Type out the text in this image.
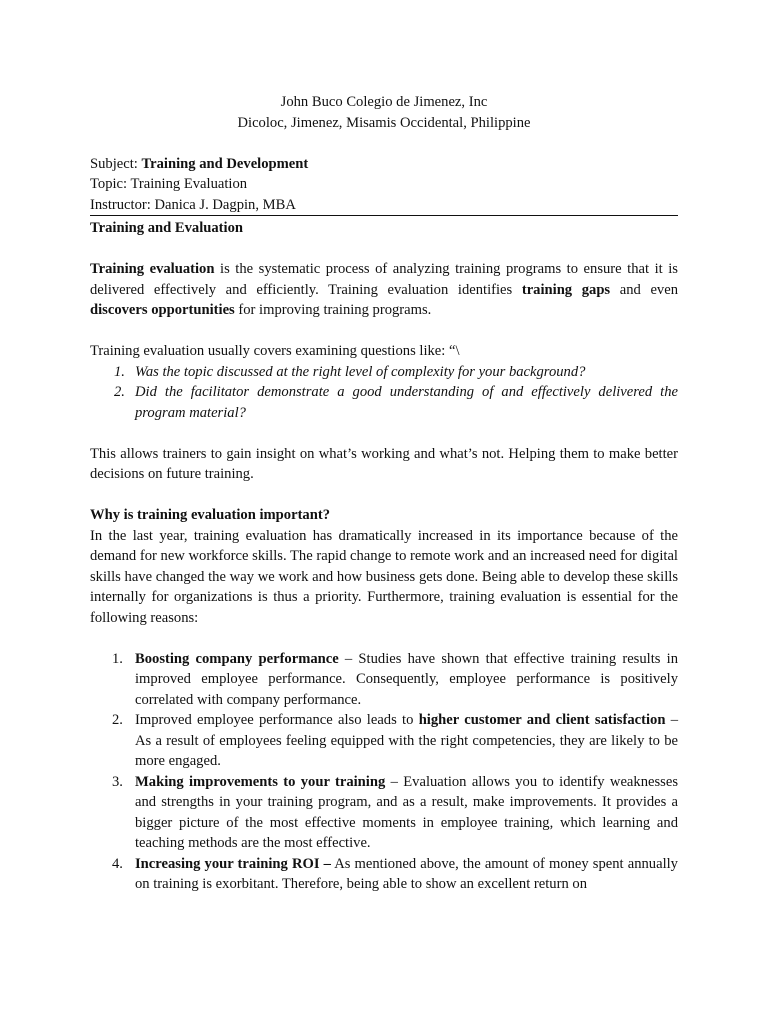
John Buco Colegio de Jimenez, Inc

Dicoloc, Jimenez, Misamis Occidental, Philippine

Subject: Training and Development

Topic: Training Evaluation

Instructor: Danica J. Dagpin, MBA

Training and Evaluation

Training evaluation is the systematic process of analyzing training programs to ensure that it is delivered effectively and efficiently. Training evaluation identifies training gaps and even discovers opportunities for improving training programs.

Training evaluation usually covers examining questions like: “\

1. Was the topic discussed at the right level of complexity for your background?
2. Did the facilitator demonstrate a good understanding of and effectively delivered the program material?

This allows trainers to gain insight on what’s working and what’s not. Helping them to make better decisions on future training.

Why is training evaluation important?

In the last year, training evaluation has dramatically increased in its importance because of the demand for new workforce skills. The rapid change to remote work and an increased need for digital skills have changed the way we work and how business gets done. Being able to develop these skills internally for organizations is thus a priority. Furthermore, training evaluation is essential for the following reasons:

1. Boosting company performance – Studies have shown that effective training results in improved employee performance. Consequently, employee performance is positively correlated with company performance.
2. Improved employee performance also leads to higher customer and client satisfaction – As a result of employees feeling equipped with the right competencies, they are likely to be more engaged.
3. Making improvements to your training – Evaluation allows you to identify weaknesses and strengths in your training program, and as a result, make improvements. It provides a bigger picture of the most effective moments in employee training, which learning and teaching methods are the most effective.
4. Increasing your training ROI – As mentioned above, the amount of money spent annually on training is exorbitant. Therefore, being able to show an excellent return on
